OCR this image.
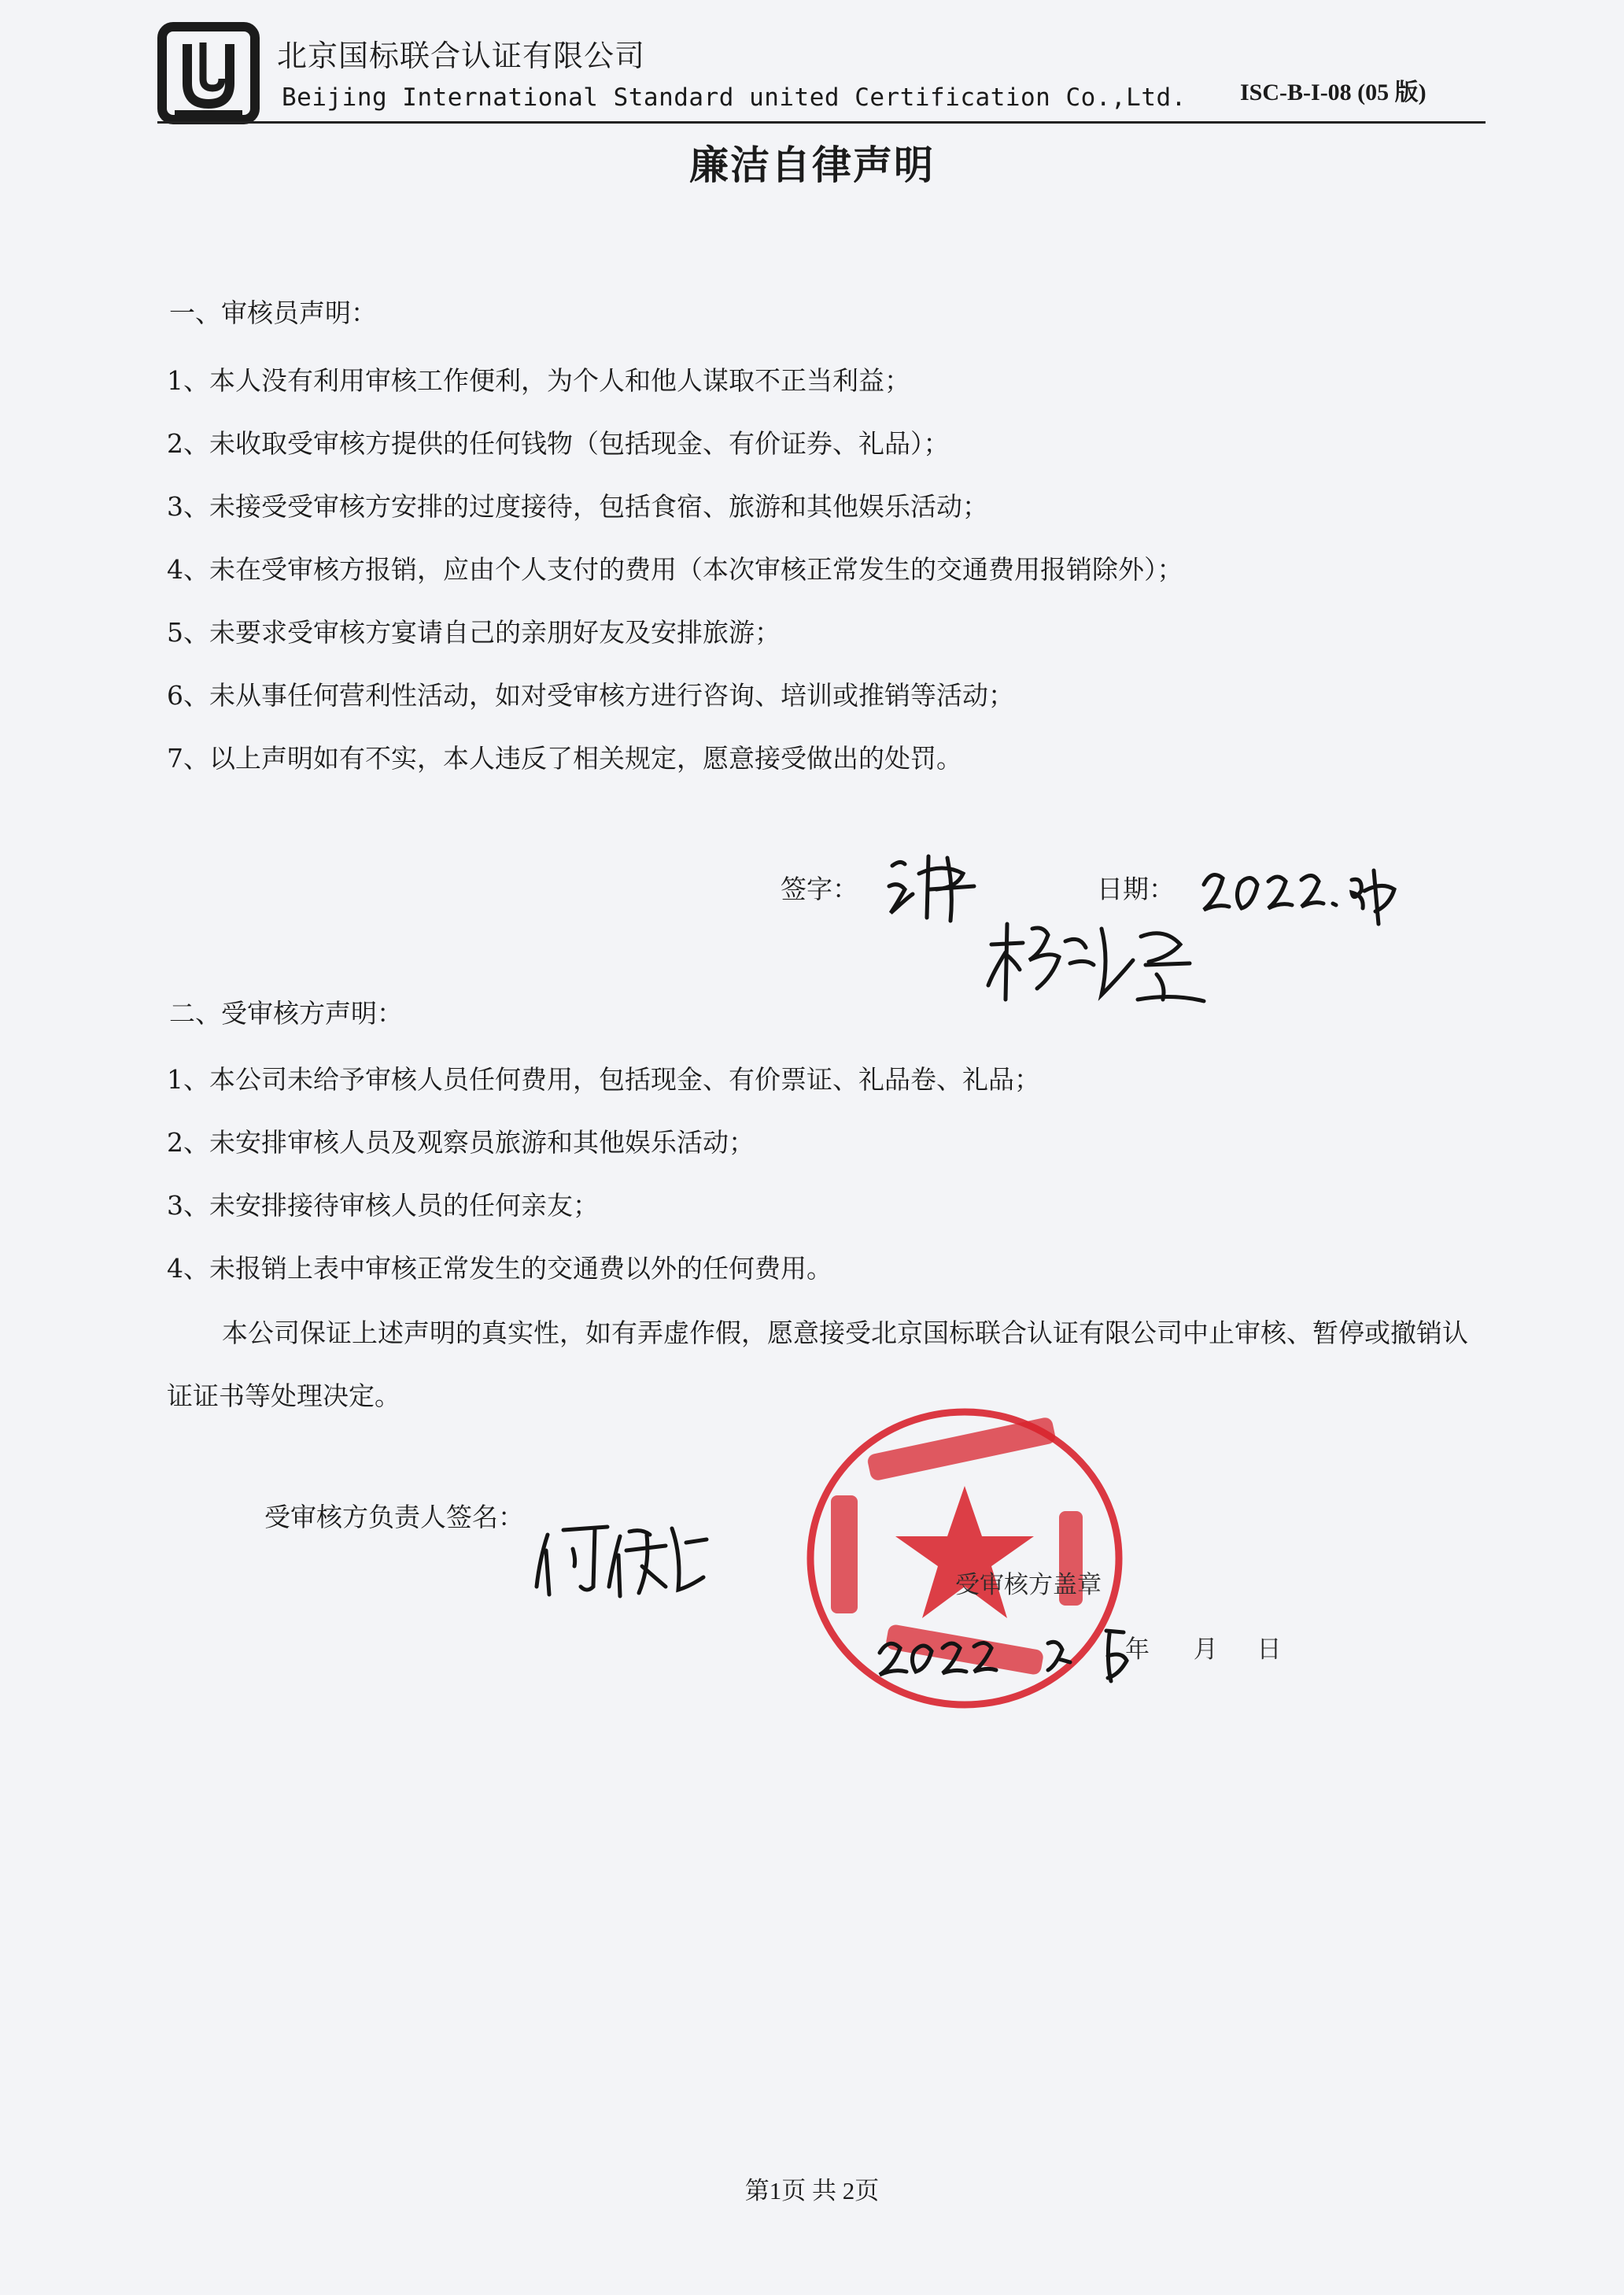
北京国标联合认证有限公司
Beijing International Standard united Certification Co.,Ltd. ISC-B-I-08 (05 版)
廉洁自律声明
一、审核员声明：
1、本人没有利用审核工作便利，为个人和他人谋取不正当利益；
2、未收取受审核方提供的任何钱物（包括现金、有价证券、礼品）；
3、未接受受审核方安排的过度接待，包括食宿、旅游和其他娱乐活动；
4、未在受审核方报销，应由个人支付的费用（本次审核正常发生的交通费用报销除外）；
5、未要求受审核方宴请自己的亲朋好友及安排旅游；
6、未从事任何营利性活动，如对受审核方进行咨询、培训或推销等活动；
7、以上声明如有不实，本人违反了相关规定，愿意接受做出的处罚。
签字：	日期：
二、受审核方声明：
1、本公司未给予审核人员任何费用，包括现金、有价票证、礼品卷、礼品；
2、未安排审核人员及观察员旅游和其他娱乐活动；
3、未安排接待审核人员的任何亲友；
4、未报销上表中审核正常发生的交通费以外的任何费用。
本公司保证上述声明的真实性，如有弄虚作假，愿意接受北京国标联合认证有限公司中止审核、暂停或撤销认证证书等处理决定。
受审核方负责人签名：
受审核方盖章
年 月 日
第1页 共 2页
